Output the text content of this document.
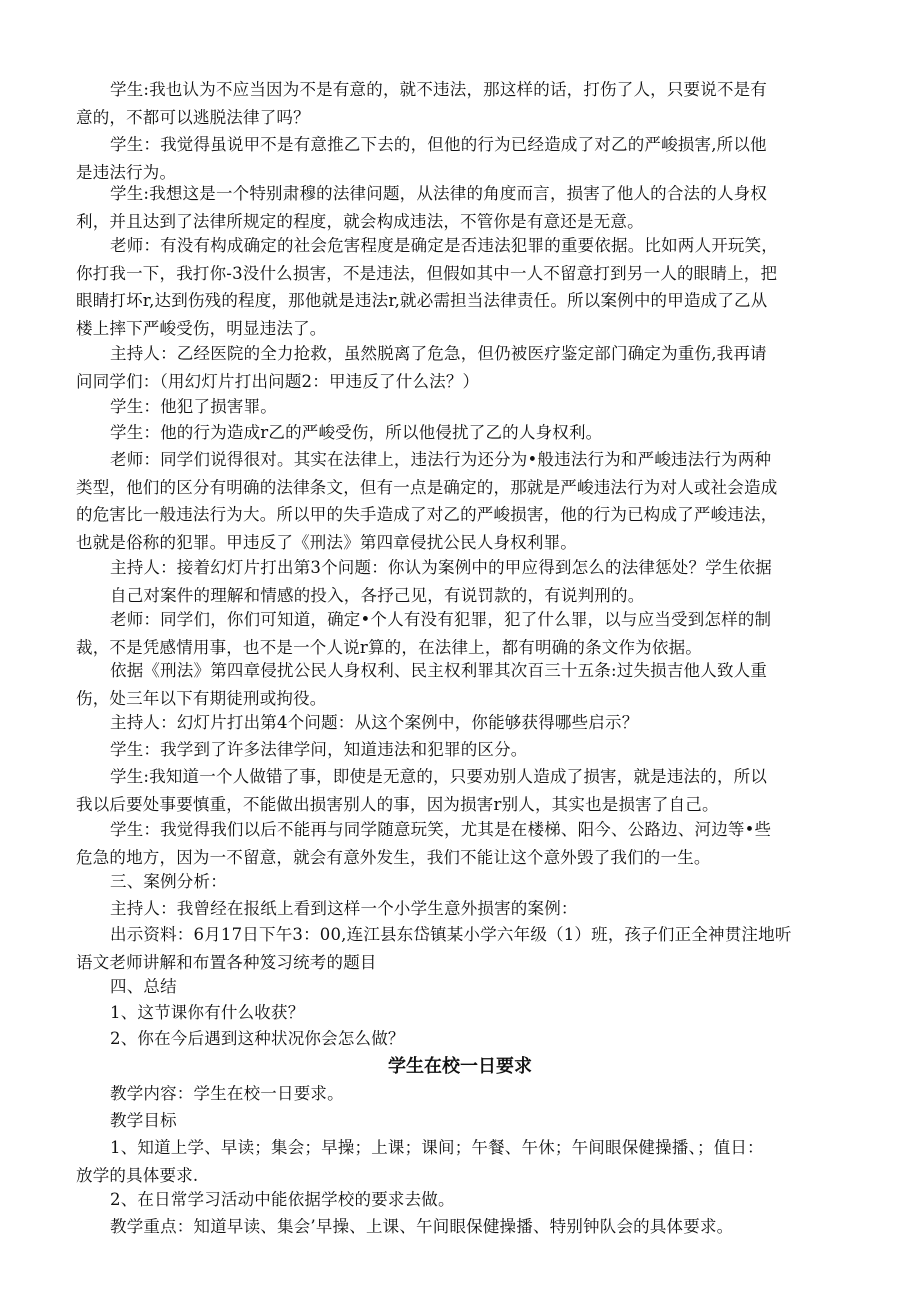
学生:我也认为不应当因为不是有意的，就不违法，那这样的话，打伤了人，只要说不是有
意的，不都可以逃脱法律了吗？
学生：我觉得虽说甲不是有意推乙下去的，但他的行为已经造成了对乙的严峻损害,所以他
是违法行为。
学生:我想这是一个特别肃穆的法律问题，从法律的角度而言，损害了他人的合法的人身权
利，并且达到了法律所规定的程度，就会构成违法，不管你是有意还是无意。
老师：有没有构成确定的社会危害程度是确定是否违法犯罪的重要依据。比如两人开玩笑，
你打我一下，我打你-3没什么损害，不是违法，但假如其中一人不留意打到另一人的眼睛上，把
眼睛打坏r,达到伤残的程度，那他就是违法r,就必需担当法律责任。所以案例中的甲造成了乙从
楼上摔下严峻受伤，明显违法了。
主持人：乙经医院的全力抢救，虽然脱离了危急，但仍被医疗鉴定部门确定为重伤,我再请
问同学们：（用幻灯片打出问题2：甲违反了什么法？）
学生：他犯了损害罪。
学生：他的行为造成r乙的严峻受伤，所以他侵扰了乙的人身权利。
老师：同学们说得很对。其实在法律上，违法行为还分为•般违法行为和严峻违法行为两种
类型，他们的区分有明确的法律条文，但有一点是确定的，那就是严峻违法行为对人或社会造成
的危害比一般违法行为大。所以甲的失手造成了对乙的严峻损害，他的行为已构成了严峻违法，
也就是俗称的犯罪。甲违反了《刑法》第四章侵扰公民人身权利罪。
主持人：接着幻灯片打出第3个问题：你认为案例中的甲应得到怎么的法律惩处？学生依据
自己对案件的理解和情感的投入，各抒己见，有说罚款的，有说判刑的。
老师：同学们，你们可知道，确定•个人有没有犯罪，犯了什么罪，以与应当受到怎样的制
裁，不是凭感情用事，也不是一个人说r算的，在法律上，都有明确的条文作为依据。
依据《刑法》第四章侵扰公民人身权利、民主权利罪其次百三十五条:过失损吉他人致人重
伤，处三年以下有期徒刑或拘役。
主持人：幻灯片打出第4个问题：从这个案例中，你能够获得哪些启示？
学生：我学到了许多法律学问，知道违法和犯罪的区分。
学生:我知道一个人做错了事，即使是无意的，只要劝别人造成了损害，就是违法的，所以
我以后要处事要慎重，不能做出损害别人的事，因为损害r别人，其实也是损害了自己。
学生：我觉得我们以后不能再与同学随意玩笑，尤其是在楼梯、阳今、公路边、河边等•些
危急的地方，因为一不留意，就会有意外发生，我们不能让这个意外毁了我们的一生。
三、案例分析：
主持人：我曾经在报纸上看到这样一个小学生意外损害的案例：
出示资料：6月17日下午3：00,连江县东岱镇某小学六年级（1）班，孩子们正全神贯注地听
语文老师讲解和布置各种笈习统考的题目
四、总结
1、这节课你有什么收获？
2、你在今后遇到这种状况你会怎么做？
学生在校一日要求
教学内容：学生在校一日要求。
教学目标
1、知道上学、早读；集会；早操；上课；课间；午餐、午休；午间眼保健操播、；值日：
放学的具体要求.
2、在日常学习活动中能依据学校的要求去做。
教学重点：知道早读、集会’早操、上课、午间眼保健操播、特别钟队会的具体要求。
